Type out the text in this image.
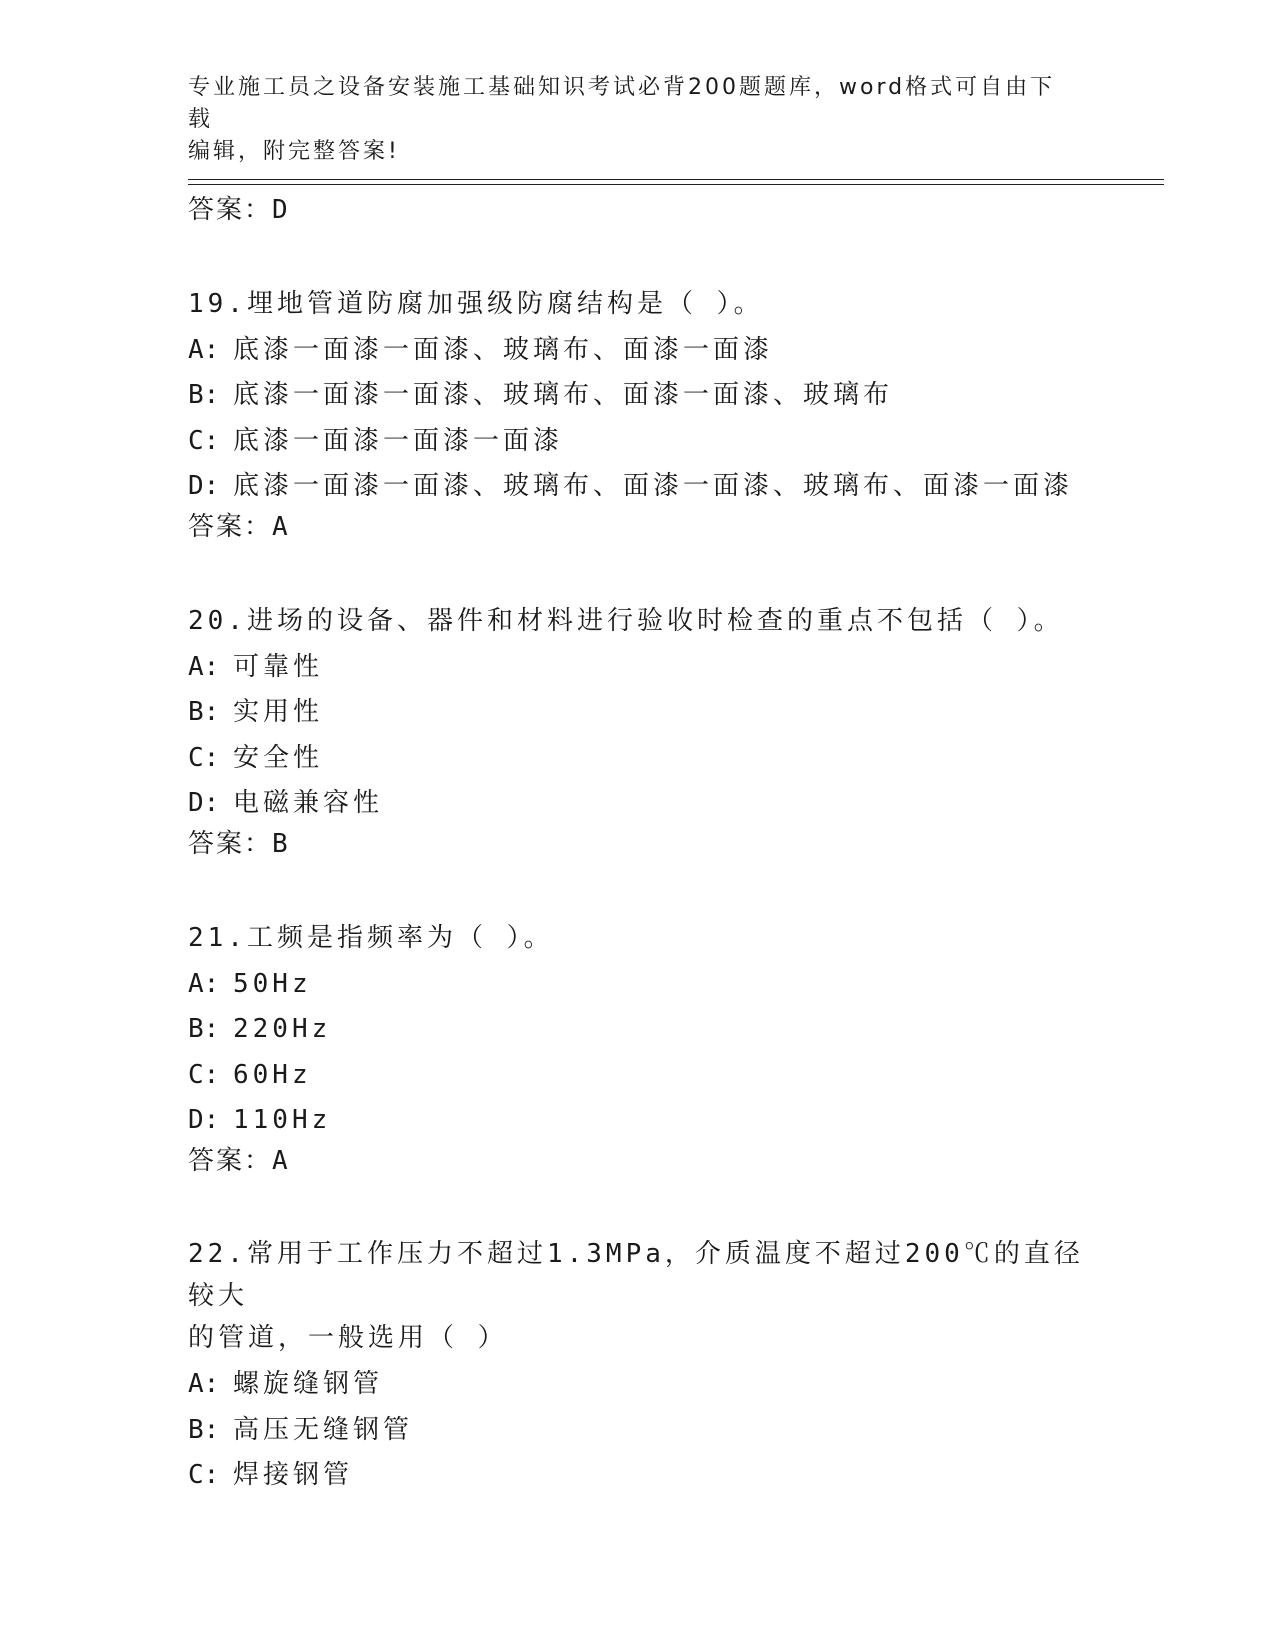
专业施工员之设备安装施工基础知识考试必背200题题库，word格式可自由下载
编辑，附完整答案!
答案：D
19.埋地管道防腐加强级防腐结构是（ ）。
A: 底漆一面漆一面漆、玻璃布、面漆一面漆
B: 底漆一面漆一面漆、玻璃布、面漆一面漆、玻璃布
C: 底漆一面漆一面漆一面漆
D: 底漆一面漆一面漆、玻璃布、面漆一面漆、玻璃布、面漆一面漆
答案：A
20.进场的设备、器件和材料进行验收时检查的重点不包括（ ）。
A: 可靠性
B: 实用性
C: 安全性
D: 电磁兼容性
答案：B
21.工频是指频率为（ ）。
A: 50Hz
B: 220Hz
C: 60Hz
D: 110Hz
答案：A
22.常用于工作压力不超过1.3MPa，介质温度不超过200℃的直径较大
的管道，一般选用（ ）
A: 螺旋缝钢管
B: 高压无缝钢管
C: 焊接钢管
